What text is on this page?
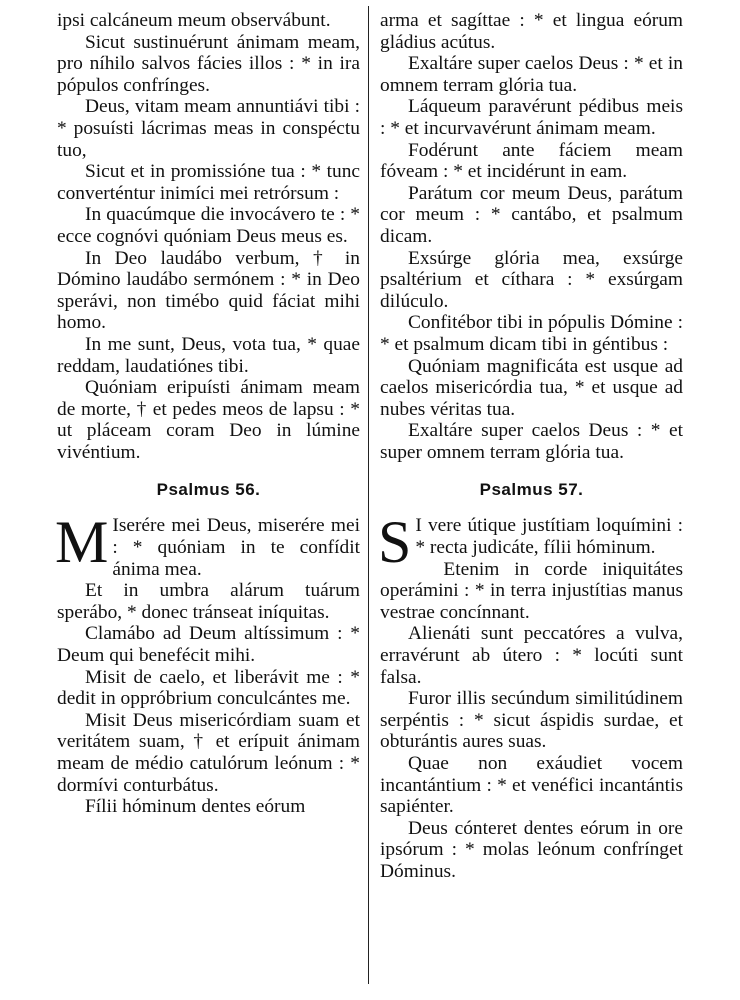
ipsi calcáneum meum observábunt.

Sicut sustinuérunt ánimam meam, pro níhilo salvos fácies illos : * in ira pópulos confrínges.

Deus, vitam meam annuntiávi tibi : * posuísti lácrimas meas in conspéctu tuo,

Sicut et in promissióne tua : * tunc converténtur inimíci mei retrórsum :

In quacúmque die invocávero te : * ecce cognóvi quóniam Deus meus es.

In Deo laudábo verbum, † in Dómino laudábo sermónem : * in Deo sperávi, non timébo quid fáciat mihi homo.

In me sunt, Deus, vota tua, * quae reddam, laudatiónes tibi.

Quóniam eripuísti ánimam meam de morte, † et pedes meos de lapsu : * ut pláceam coram Deo in lúmine vivéntium.

Psalmus 56.

M Iserére mei Deus, miserére mei : * quóniam in te confídit ánima mea.

Et in umbra alárum tuárum sperábo, * donec tránseat iníquitas.

Clamábo ad Deum altíssimum : * Deum qui benefécit mihi.

Misit de caelo, et liberávit me : * dedit in oppróbrium conculcántes me.

Misit Deus misericórdiam suam et veritátem suam, † et erípuit ánimam meam de médio catulórum leónum : * dormívi conturbátus.

Fílii hóminum dentes eórum

arma et sagíttae : * et lingua eórum gládius acútus.

Exaltáre super caelos Deus : * et in omnem terram glória tua.

Láqueum paravérunt pédibus meis : * et incurvavérunt ánimam meam.

Fodérunt ante fáciem meam fóveam : * et incidérunt in eam.

Parátum cor meum Deus, parátum cor meum : * cantábo, et psalmum dicam.

Exsúrge glória mea, exsúrge psaltérium et cíthara : * exsúrgam dilúculo.

Confitébor tibi in pópulis Dómine : * et psalmum dicam tibi in géntibus :

Quóniam magnificáta est usque ad caelos misericórdia tua, * et usque ad nubes véritas tua.

Exaltáre super caelos Deus : * et super omnem terram glória tua.

Psalmus 57.

S I vere útique justítiam loquímini : * recta judicáte, fílii hóminum.

Etenim in corde iniquitátes operámini : * in terra injustítias manus vestrae concínnant.

Alienáti sunt peccatóres a vulva, erravérunt ab útero : * locúti sunt falsa.

Furor illis secúndum similitúdinem serpéntis : * sicut áspidis surdae, et obturántis aures suas.

Quae non exáudiet vocem incantántium : * et venéfici incantántis sapiénter.

Deus cónteret dentes eórum in ore ipsórum : * molas leónum confrínget Dóminus.
